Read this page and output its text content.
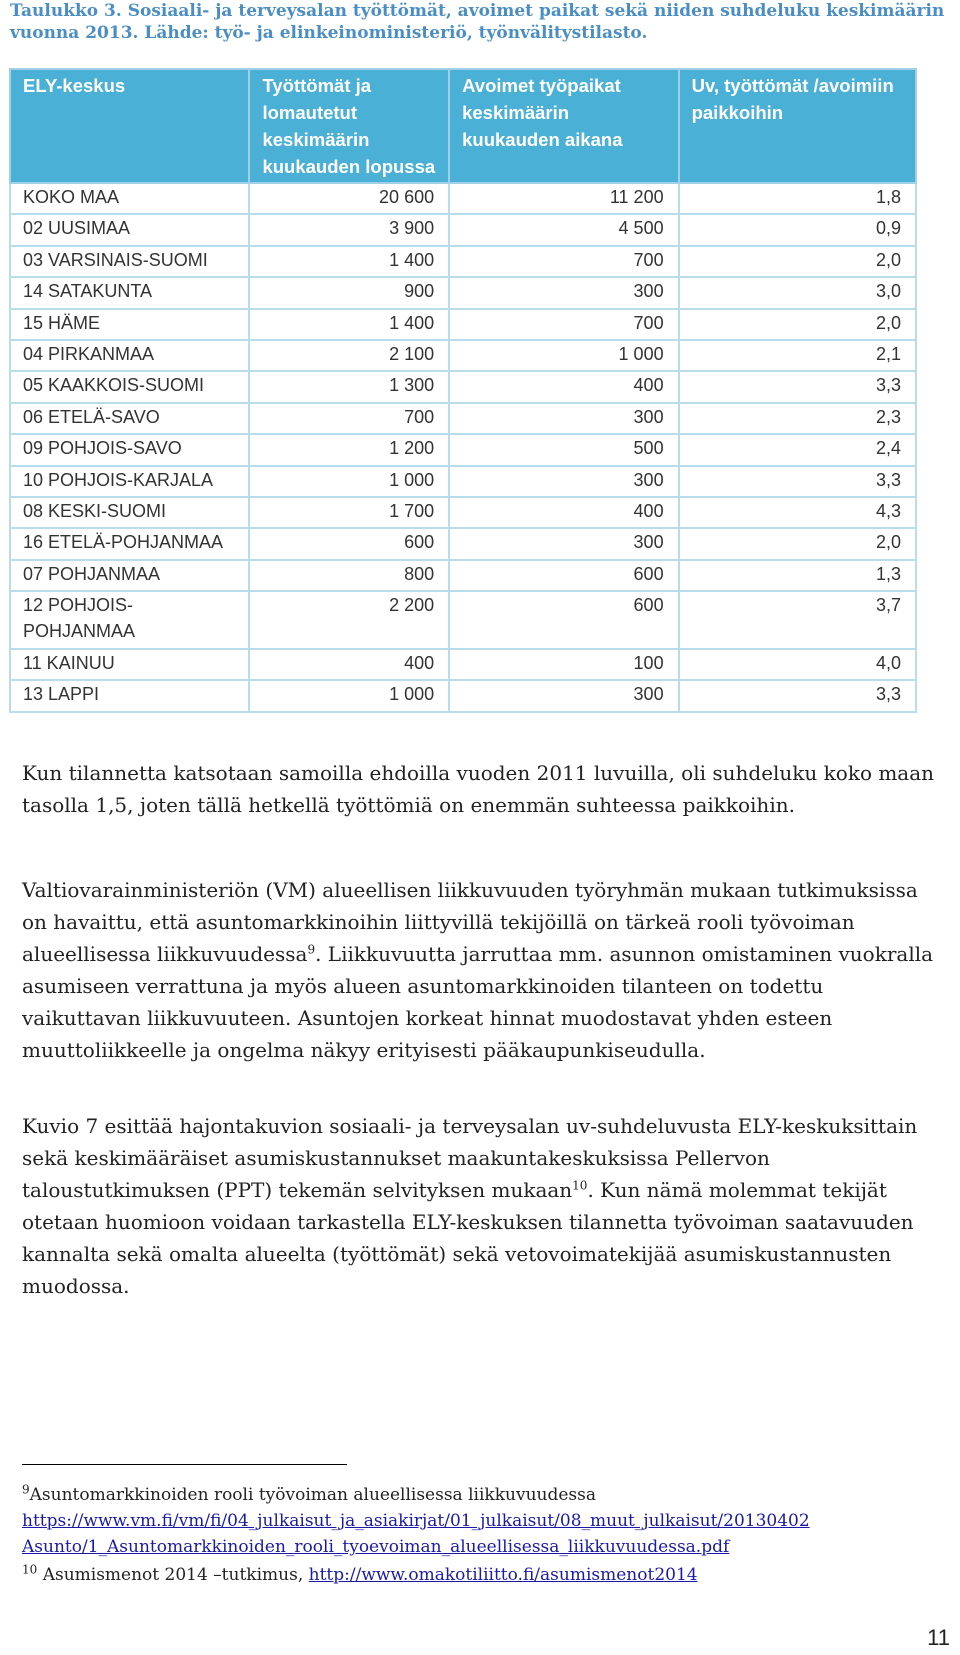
Taulukko 3. Sosiaali- ja terveysalan työttömät, avoimet paikat sekä niiden suhdeluku keskimäärin vuonna 2013. Lähde: työ- ja elinkeinoministeriö, työnvälitystilasto.
ELY-keskus	Työttömät ja lomautetut keskimäärin kuukauden lopussa	Avoimet työpaikat keskimäärin kuukauden aikana	Uv, työttömät /avoimiin paikkoihin
KOKO MAA	20 600	11 200	1,8
02 UUSIMAA	3 900	4 500	0,9
03 VARSINAIS-SUOMI	1 400	700	2,0
14 SATAKUNTA	900	300	3,0
15 HÄME	1 400	700	2,0
04 PIRKANMAA	2 100	1 000	2,1
05 KAAKKOIS-SUOMI	1 300	400	3,3
06 ETELÄ-SAVO	700	300	2,3
09 POHJOIS-SAVO	1 200	500	2,4
10 POHJOIS-KARJALA	1 000	300	3,3
08 KESKI-SUOMI	1 700	400	4,3
16 ETELÄ-POHJANMAA	600	300	2,0
07 POHJANMAA	800	600	1,3
12 POHJOIS-POHJANMAA	2 200	600	3,7
11 KAINUU	400	100	4,0
13 LAPPI	1 000	300	3,3
Kun tilannetta katsotaan samoilla ehdoilla vuoden 2011 luvuilla, oli suhdeluku koko maan tasolla 1,5, joten tällä hetkellä työttömiä on enemmän suhteessa paikkoihin.
Valtiovarainministeriön (VM) alueellisen liikkuvuuden työryhmän mukaan tutkimuksissa on havaittu, että asuntomarkkinoihin liittyvillä tekijöillä on tärkeä rooli työvoiman alueellisessa liikkuvuudessa$^9$. Liikkuvuutta jarruttaa mm. asunnon omistaminen vuokralla asumiseen verrattuna ja myös alueen asuntomarkkinoiden tilanteen on todettu vaikuttavan liikkuvuuteen. Asuntojen korkeat hinnat muodostavat yhden esteen muuttoliikkeelle ja ongelma näkyy erityisesti pääkaupunkiseudulla.
Kuvio 7 esittää hajontakuvion sosiaali- ja terveysalan uv-suhdeluvusta ELY-keskuksittain sekä keskimääräiset asumiskustannukset maakuntakeskuksissa Pellervon taloustutkimuksen (PPT) tekemän selvityksen mukaan$^{10}$. Kun nämä molemmat tekijät otetaan huomioon voidaan tarkastella ELY-keskuksen tilannetta työvoiman saatavuuden kannalta sekä omalta alueelta (työttömät) sekä vetovoimatekijää asumiskustannusten muodossa.
$^9$Asuntomarkkinoiden rooli työvoiman alueellisessa liikkuvuudessa
https://www.vm.fi/vm/fi/04_julkaisut_ja_asiakirjat/01_julkaisut/08_muut_julkaisut/20130402
Asunto/1_Asuntomarkkinoiden_rooli_tyoevoiman_alueellisessa_liikkuvuudessa.pdf
$^{10}$ Asumismenot 2014 –tutkimus, http://www.omakotiliitto.fi/asumismenot2014
11
